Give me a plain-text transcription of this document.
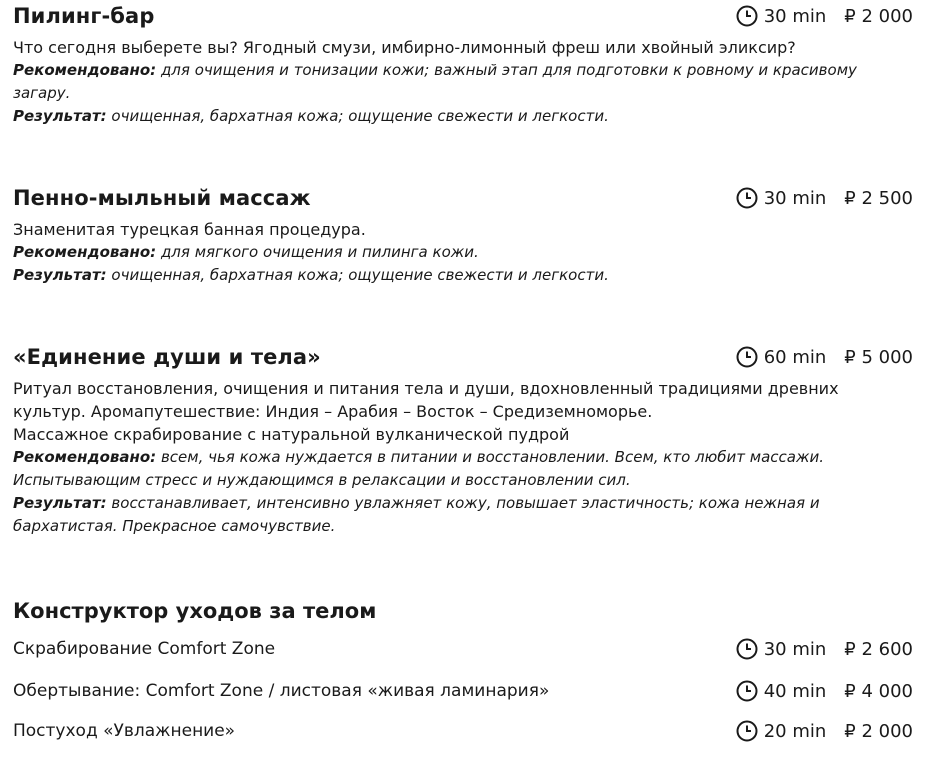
Пилинг-бар	30 min ₽ 2 000

Что сегодня выберете вы? Ягодный смузи, имбирно-лимонный фреш или хвойный эликсир?

Рекомендовано: для очищения и тонизации кожи; важный этап для подготовки к ровному и красивому загару.

Результат: очищенная, бархатная кожа; ощущение свежести и легкости.

Пенно-мыльный массаж	30 min ₽ 2 500

Знаменитая турецкая банная процедура.

Рекомендовано: для мягкого очищения и пилинга кожи.

Результат: очищенная, бархатная кожа; ощущение свежести и легкости.

«Единение души и тела»	60 min ₽ 5 000

Ритуал восстановления, очищения и питания тела и души, вдохновленный традициями древних культур. Аромапутешествие: Индия – Арабия – Восток – Средиземноморье.

Массажное скрабирование с натуральной вулканической пудрой

Рекомендовано: всем, чья кожа нуждается в питании и восстановлении. Всем, кто любит массажи. Испытывающим стресс и нуждающимся в релаксации и восстановлении сил.

Результат: восстанавливает, интенсивно увлажняет кожу, повышает эластичность; кожа нежная и бархатистая. Прекрасное самочувствие.

Конструктор уходов за телом
Скрабирование Comfort Zone	30 min ₽ 2 600
Обертывание: Comfort Zone / листовая «живая ламинария»	40 min ₽ 4 000
Постуход «Увлажнение»	20 min ₽ 2 000
